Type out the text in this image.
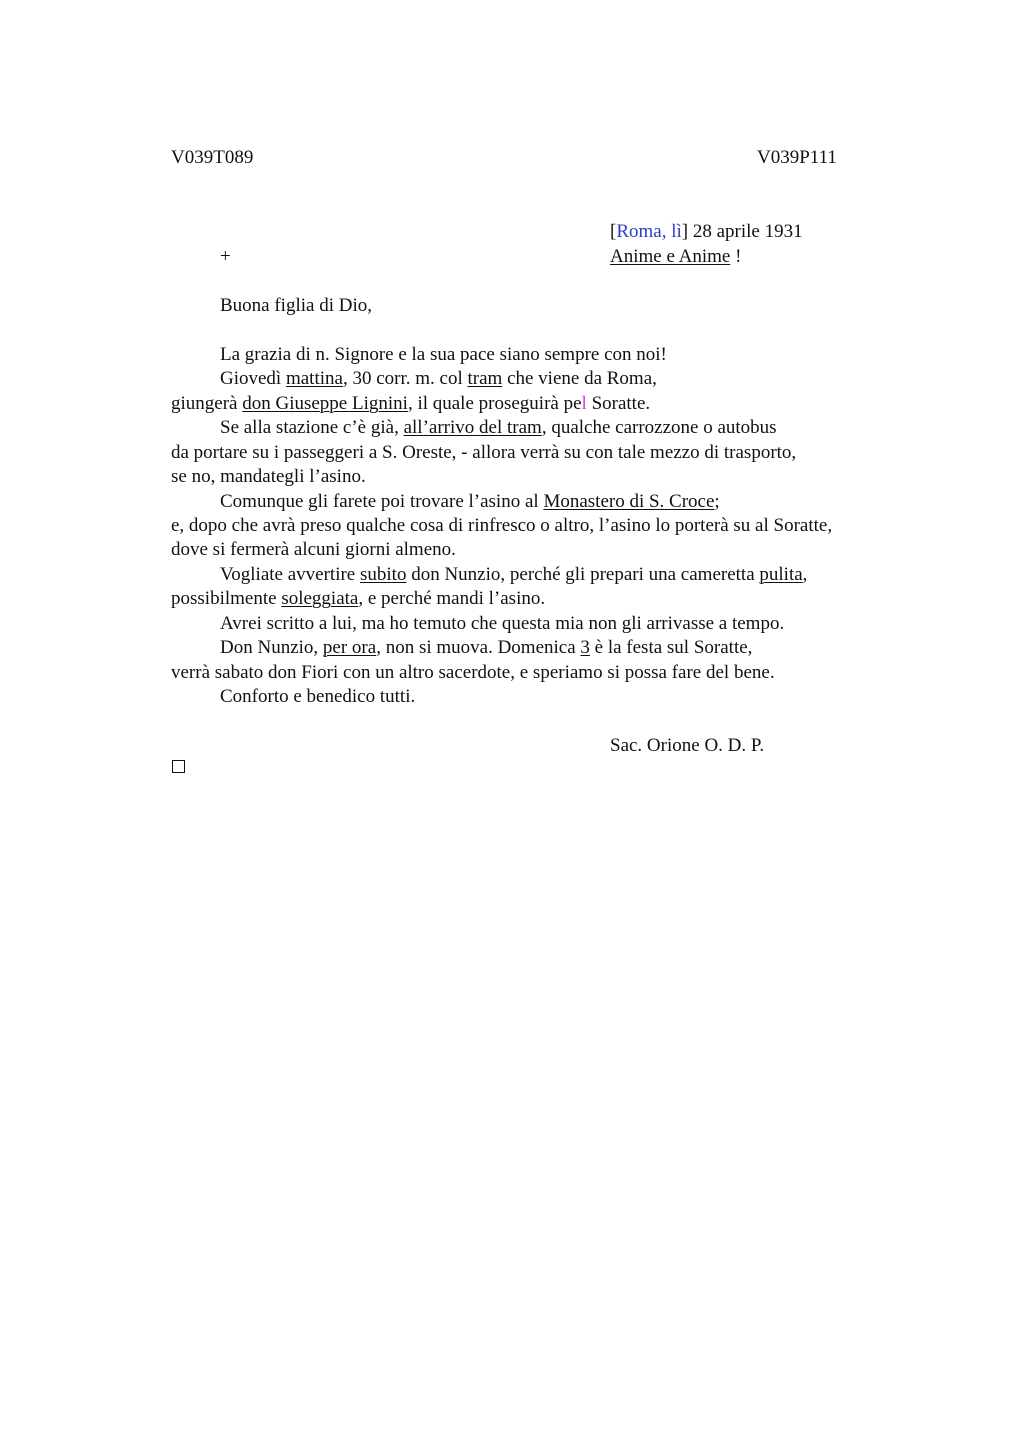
V039T089	V039P111
[Roma, lì] 28 aprile 1931
+	Anime e Anime !
Buona figlia di Dio,
La grazia di n. Signore e la sua pace siano sempre con noi!
Giovedì mattina, 30 corr. m. col tram che viene da Roma,
giungerà don Giuseppe Lignini, il quale proseguirà pel Soratte.
Se alla stazione c’è già, all’arrivo del tram, qualche carrozzone o autobus
da portare su i passeggeri a S. Oreste, - allora verrà su con tale mezzo di trasporto,
se no, mandategli l’asino.
Comunque gli farete poi trovare l’asino al Monastero di S. Croce;
e, dopo che avrà preso qualche cosa di rinfresco o altro, l’asino lo porterà su al Soratte,
dove si fermerà alcuni giorni almeno.
Vogliate avvertire subito don Nunzio, perché gli prepari una cameretta pulita,
possibilmente soleggiata, e perché mandi l’asino.
Avrei scritto a lui, ma ho temuto che questa mia non gli arrivasse a tempo.
Don Nunzio, per ora, non si muova. Domenica 3 è la festa sul Soratte,
verrà sabato don Fiori con un altro sacerdote, e speriamo si possa fare del bene.
Conforto e benedico tutti.
Sac. Orione O. D. P.
